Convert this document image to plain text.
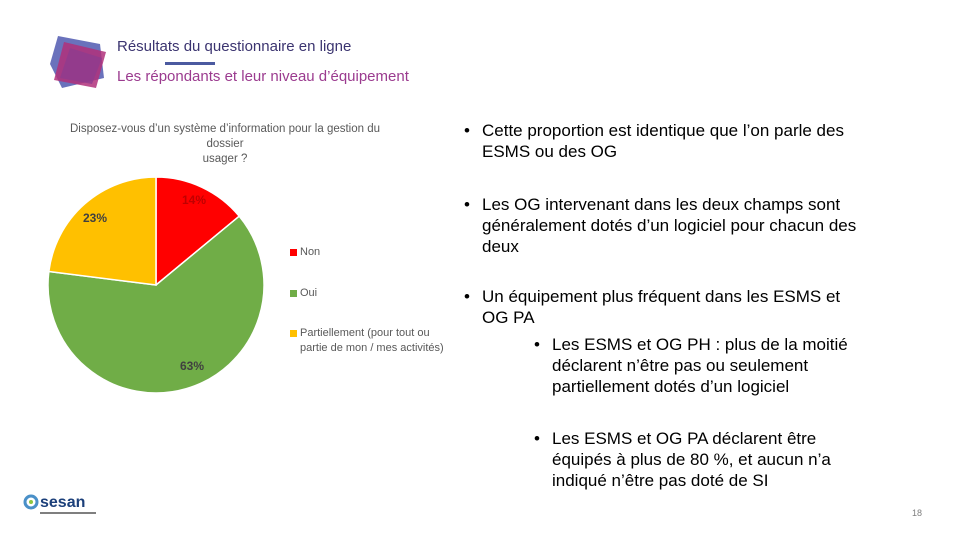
Résultats du questionnaire en ligne
Les répondants et leur niveau d’équipement
Disposez-vous d’un système d’information pour la gestion du dossier
usager ?
14%
63%
23%
Non
Oui
Partiellement (pour tout ou
partie de mon / mes activités)
• Cette proportion est identique que l’on parle des
ESMS ou des OG
• Les OG intervenant dans les deux champs sont
généralement dotés d’un logiciel pour chacun des
deux
• Un équipement plus fréquent dans les ESMS et
OG PA
• Les ESMS et OG PH : plus de la moitié
déclarent n’être pas ou seulement
partiellement dotés d’un logiciel
• Les ESMS et OG PA déclarent être
équipés à plus de 80 %, et aucun n’a
indiqué n’être pas doté de SI
sesan
18
